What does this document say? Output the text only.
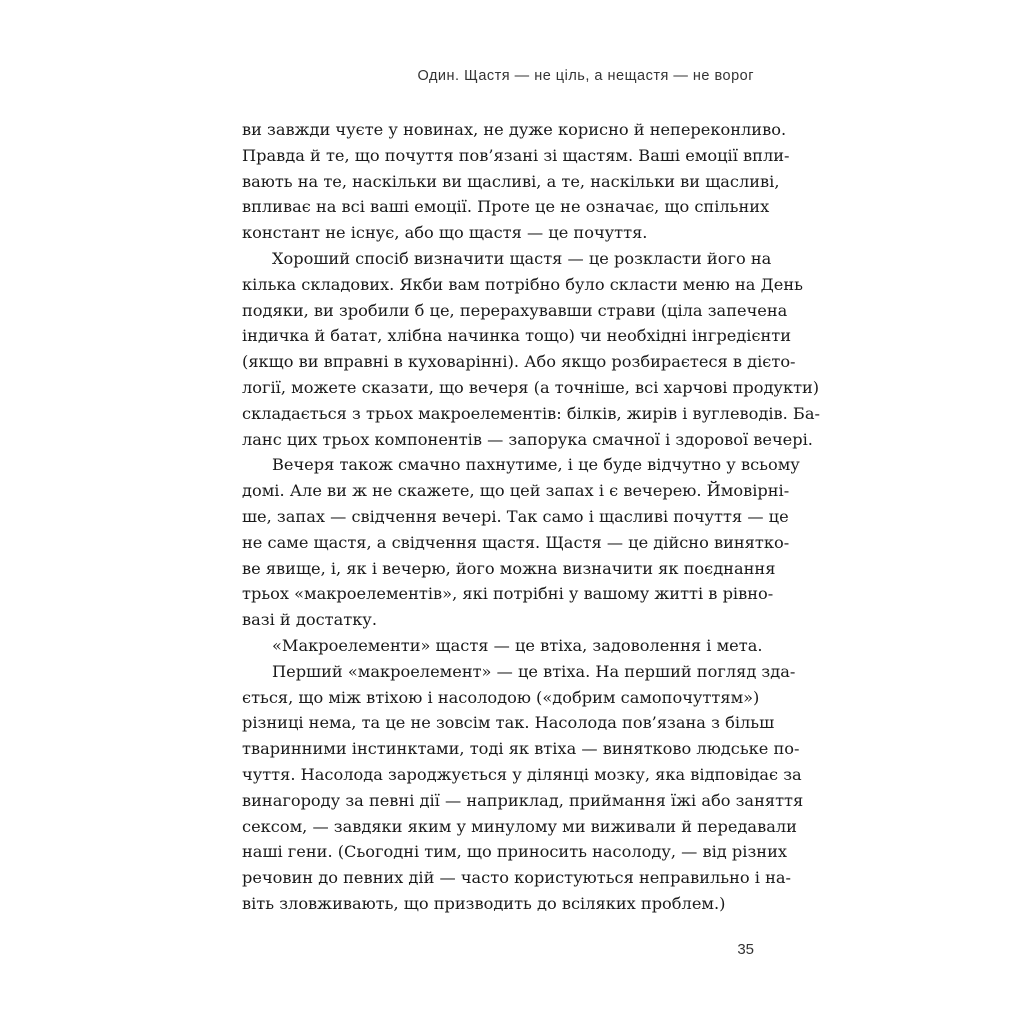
Один. Щастя — не ціль, а нещастя — не ворог
ви завжди чуєте у новинах, не дуже корисно й непереконливо.
Правда й те, що почуття пов’язані зі щастям. Ваші емоції впли-
вають на те, наскільки ви щасливі, а те, наскільки ви щасливі,
впливає на всі ваші емоції. Проте це не означає, що спільних
констант не існує, або що щастя — це почуття.
Хороший спосіб визначити щастя — це розкласти його на
кілька складових. Якби вам потрібно було скласти меню на День
подяки, ви зробили б це, перерахувавши страви (ціла запечена
індичка й батат, хлібна начинка тощо) чи необхідні інгредієнти
(якщо ви вправні в куховарінні). Або якщо розбираєтеся в дієто-
логії, можете сказати, що вечеря (а точніше, всі харчові продукти)
складається з трьох макроелементів: білків, жирів і вуглеводів. Ба-
ланс цих трьох компонентів — запорука смачної і здорової вечері.
Вечеря також смачно пахнутиме, і це буде відчутно у всьому
домі. Але ви ж не скажете, що цей запах і є вечерею. Ймовірні-
ше, запах — свідчення вечері. Так само і щасливі почуття — це
не саме щастя, а свідчення щастя. Щастя — це дійсно винятко-
ве явище, і, як і вечерю, його можна визначити як поєднання
трьох «макроелементів», які потрібні у вашому житті в рівно-
вазі й достатку.
«Макроелементи» щастя — це втіха, задоволення і мета.
Перший «макроелемент» — це втіха. На перший погляд зда-
ється, що між втіхою і насолодою («добрим самопочуттям»)
різниці нема, та це не зовсім так. Насолода пов’язана з більш
тваринними інстинктами, тоді як втіха — винятково людське по-
чуття. Насолода зароджується у ділянці мозку, яка відповідає за
винагороду за певні дії — наприклад, приймання їжі або заняття
сексом, — завдяки яким у минулому ми виживали й передавали
наші гени. (Сьогодні тим, що приносить насолоду, — від різних
речовин до певних дій — часто користуються неправильно і на-
віть зловживають, що призводить до всіляких проблем.)
35
